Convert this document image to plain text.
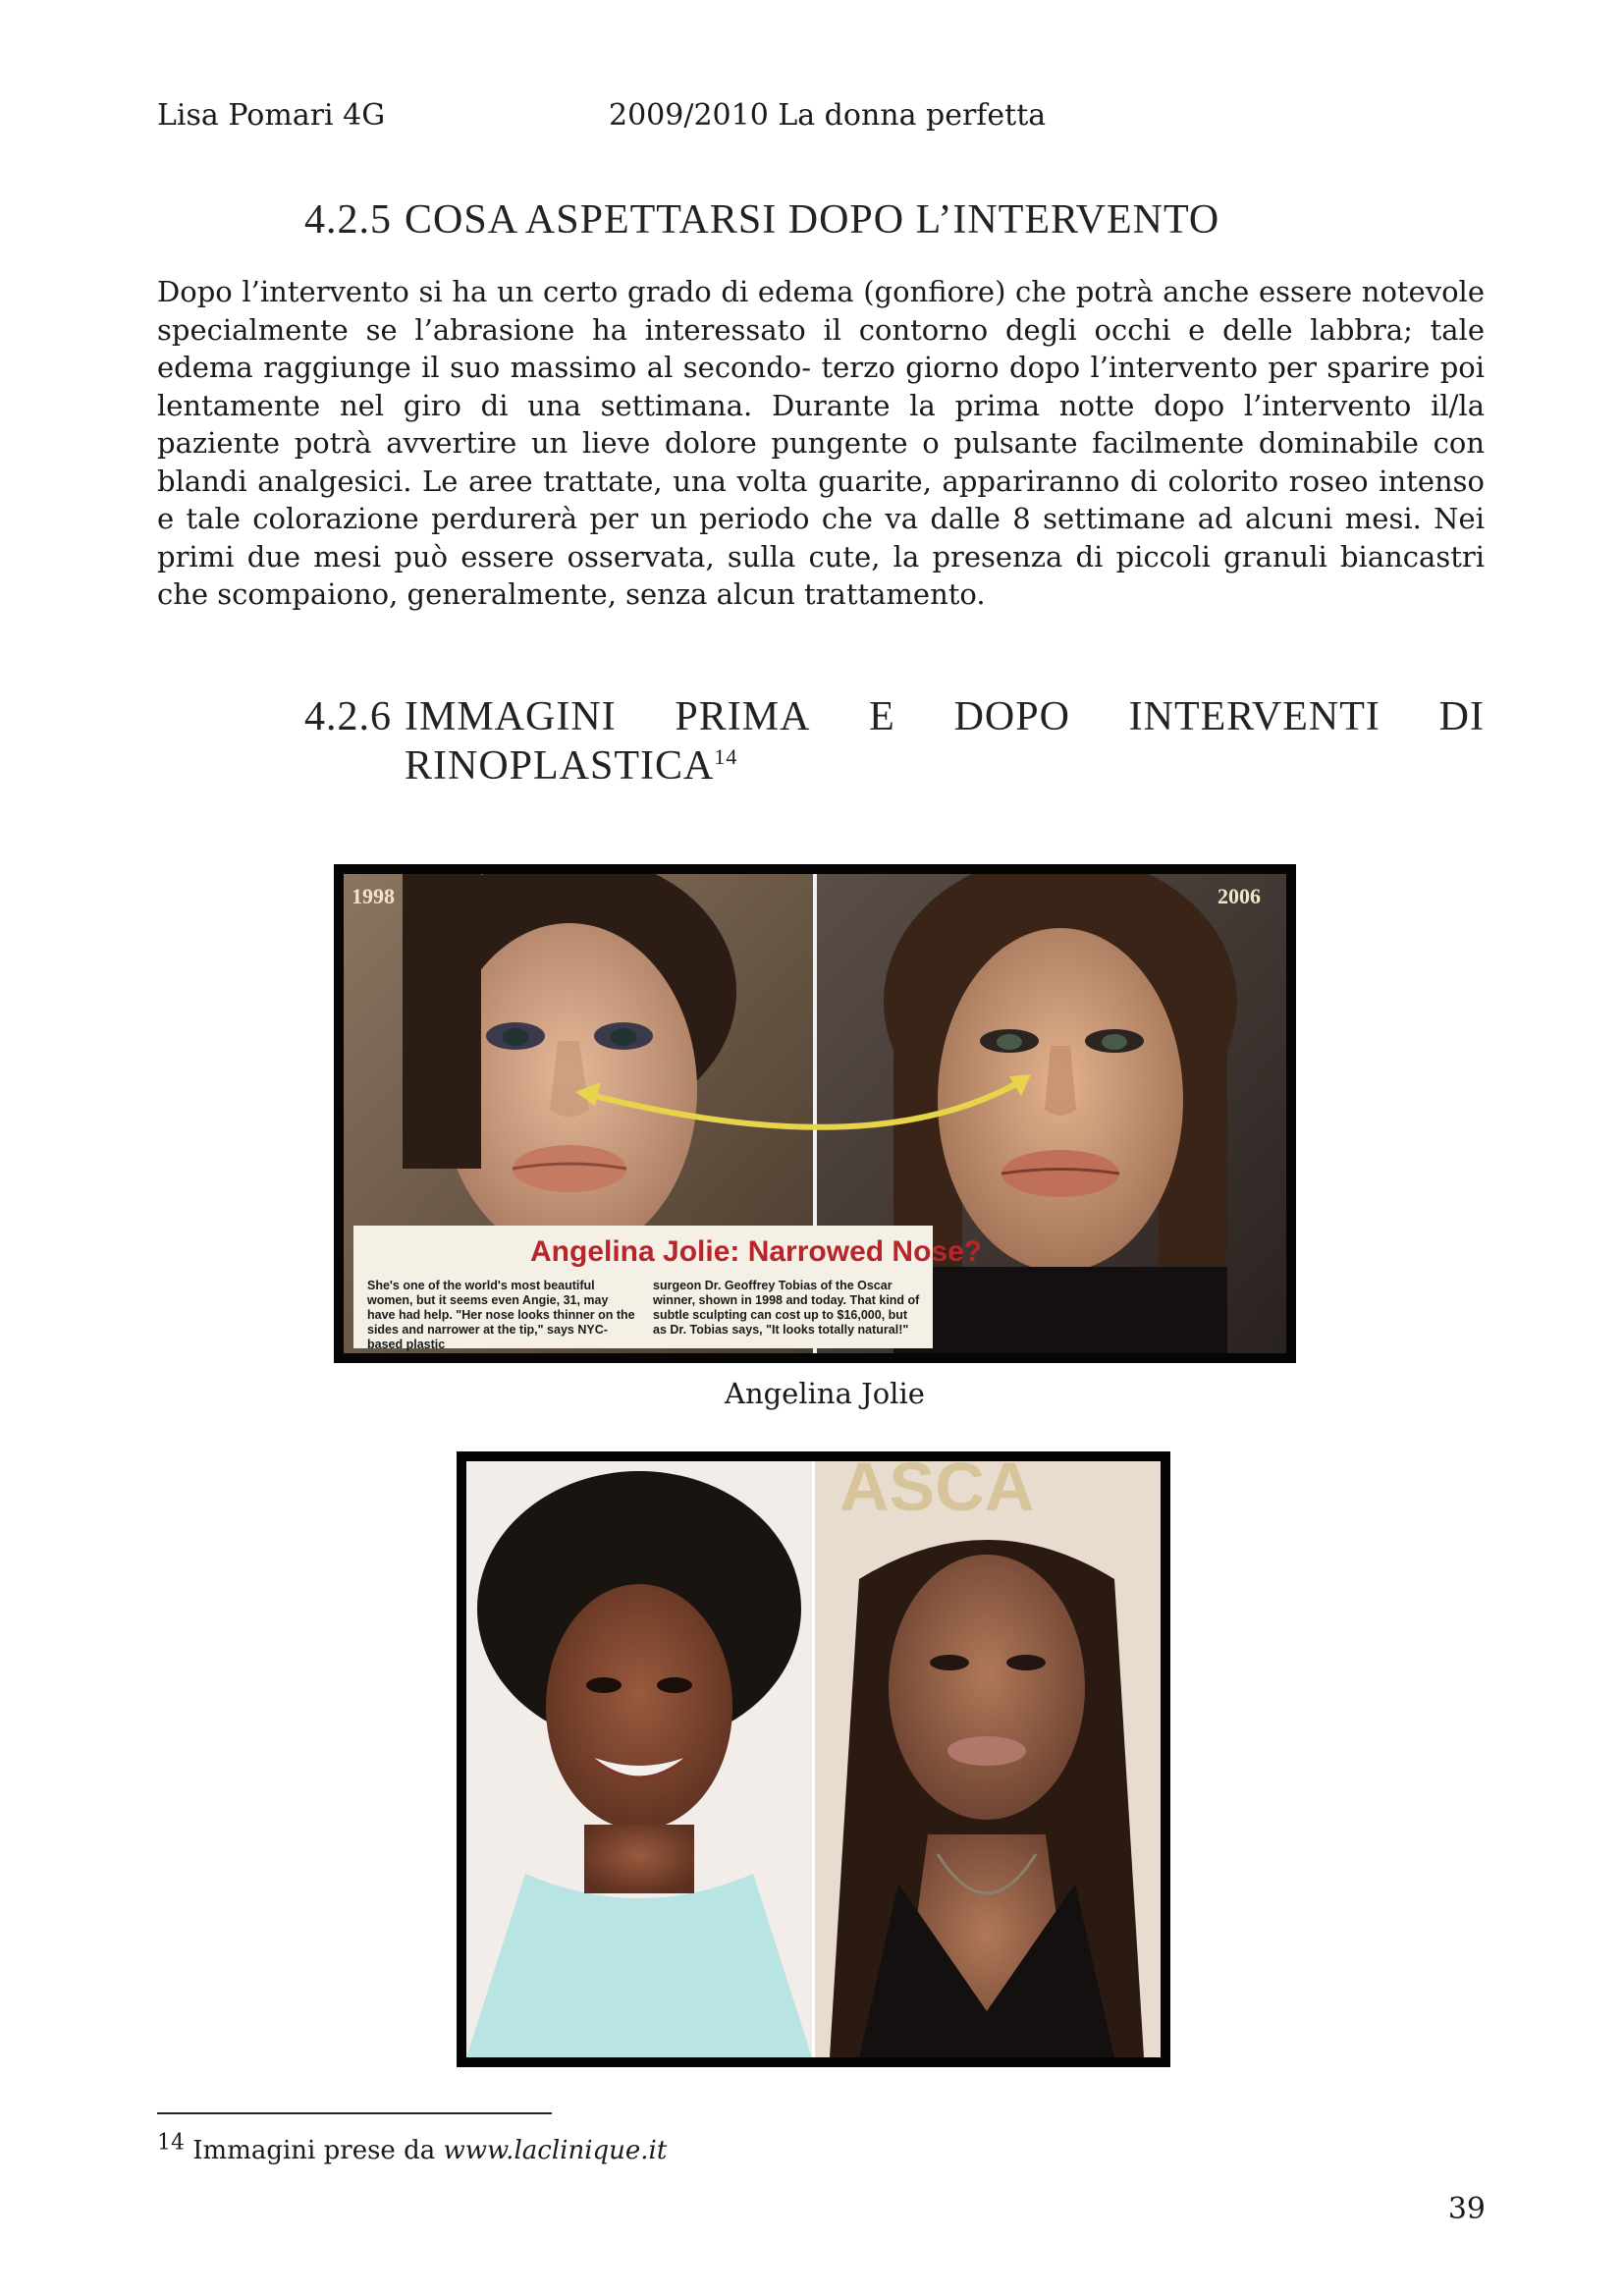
Lisa Pomari 4G	2009/2010 La donna perfetta
4.2.5 COSA ASPETTARSI DOPO L’INTERVENTO
Dopo l’intervento si ha un certo grado di edema (gonfiore) che potrà anche essere notevole specialmente se l’abrasione ha interessato il contorno degli occhi e delle labbra; tale edema raggiunge il suo massimo al secondo- terzo giorno dopo l’intervento per sparire poi lentamente nel giro di una settimana. Durante la prima notte dopo l’intervento il/la paziente potrà avvertire un lieve dolore pungente o pulsante facilmente dominabile con blandi analgesici. Le aree trattate, una volta guarite, appariranno di colorito roseo intenso e tale colorazione perdurerà per un periodo che va dalle 8 settimane ad alcuni mesi. Nei primi due mesi può essere osservata, sulla cute, la presenza di piccoli granuli biancastri che scompaiono, generalmente, senza alcun trattamento.
4.2.6 IMMAGINI PRIMA E DOPO INTERVENTI DI
RINOPLASTICA$^{14}$
1998	2006
Angelina Jolie: Narrowed Nose?
She's one of the world's most beautiful women, but it seems even Angie, 31, may have had help. "Her nose looks thinner on the sides and narrower at the tip," says NYC-based plastic
surgeon Dr. Geoffrey Tobias of the Oscar winner, shown in 1998 and today. That kind of subtle sculpting can cost up to $16,000, but as Dr. Tobias says, "It looks totally natural!"
Angelina Jolie
ASCA
$^{14}$ Immagini prese da www.laclinique.it
39
